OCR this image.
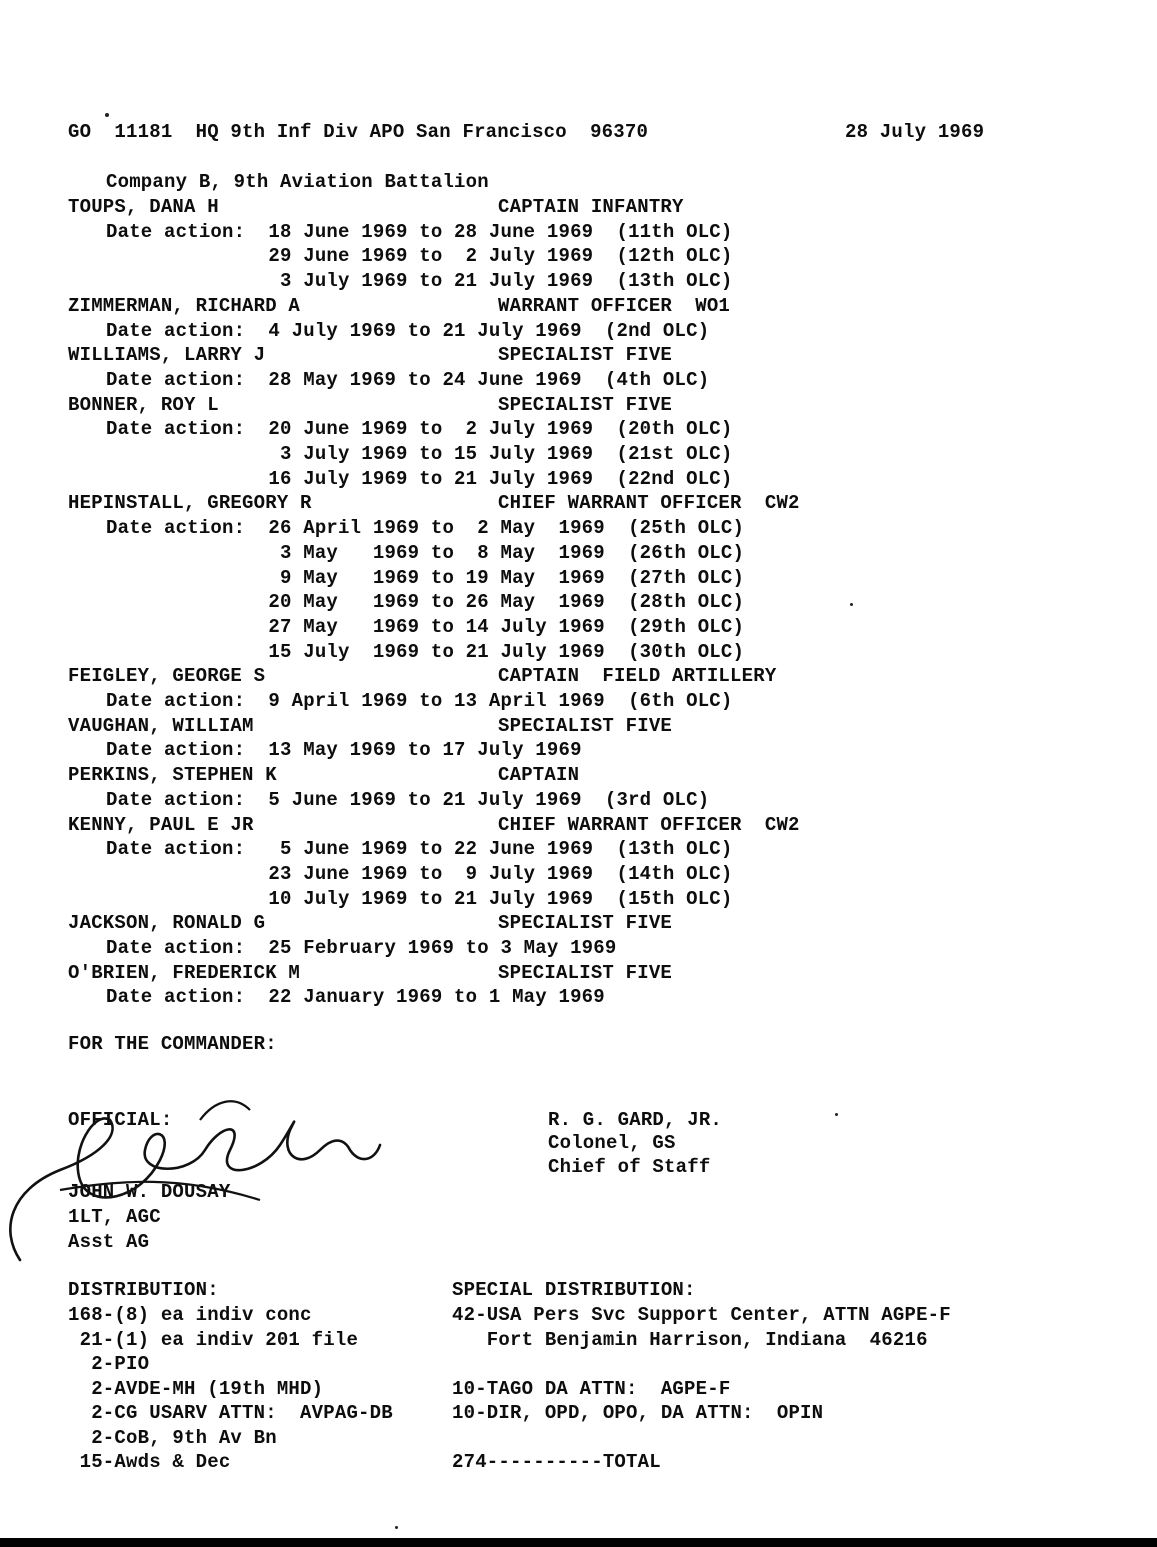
GO  11181  HQ 9th Inf Div APO San Francisco  96370	28 July 1969
Company B, 9th Aviation Battalion
TOUPS, DANA H	CAPTAIN INFANTRY
Date action:  18 June 1969 to 28 June 1969  (11th OLC)
29 June 1969 to  2 July 1969  (12th OLC)
3 July 1969 to 21 July 1969  (13th OLC)
ZIMMERMAN, RICHARD A	WARRANT OFFICER  WO1
Date action:  4 July 1969 to 21 July 1969  (2nd OLC)
WILLIAMS, LARRY J	SPECIALIST FIVE
Date action:  28 May 1969 to 24 June 1969  (4th OLC)
BONNER, ROY L	SPECIALIST FIVE
Date action:  20 June 1969 to  2 July 1969  (20th OLC)
3 July 1969 to 15 July 1969  (21st OLC)
16 July 1969 to 21 July 1969  (22nd OLC)
HEPINSTALL, GREGORY R	CHIEF WARRANT OFFICER  CW2
Date action:  26 April 1969 to  2 May  1969  (25th OLC)
3 May   1969 to  8 May  1969  (26th OLC)
9 May   1969 to 19 May  1969  (27th OLC)
20 May   1969 to 26 May  1969  (28th OLC)
27 May   1969 to 14 July 1969  (29th OLC)
15 July  1969 to 21 July 1969  (30th OLC)
FEIGLEY, GEORGE S	CAPTAIN  FIELD ARTILLERY
Date action:  9 April 1969 to 13 April 1969  (6th OLC)
VAUGHAN, WILLIAM	SPECIALIST FIVE
Date action:  13 May 1969 to 17 July 1969
PERKINS, STEPHEN K	CAPTAIN
Date action:  5 June 1969 to 21 July 1969  (3rd OLC)
KENNY, PAUL E JR	CHIEF WARRANT OFFICER  CW2
Date action:   5 June 1969 to 22 June 1969  (13th OLC)
23 June 1969 to  9 July 1969  (14th OLC)
10 July 1969 to 21 July 1969  (15th OLC)
JACKSON, RONALD G	SPECIALIST FIVE
Date action:  25 February 1969 to 3 May 1969
O'BRIEN, FREDERICK M	SPECIALIST FIVE
Date action:  22 January 1969 to 1 May 1969
FOR THE COMMANDER:
OFFICIAL:
JOHN W. DOUSAY
1LT, AGC
Asst AG
R. G. GARD, JR.
Colonel, GS
Chief of Staff
DISTRIBUTION:
168-(8) ea indiv conc
21-(1) ea indiv 201 file
2-PIO
2-AVDE-MH (19th MHD)
2-CG USARV ATTN:  AVPAG-DB
2-CoB, 9th Av Bn
15-Awds & Dec
SPECIAL DISTRIBUTION:
42-USA Pers Svc Support Center, ATTN AGPE-F
Fort Benjamin Harrison, Indiana  46216
10-TAGO DA ATTN:  AGPE-F
10-DIR, OPD, OPO, DA ATTN:  OPIN
274----------TOTAL
